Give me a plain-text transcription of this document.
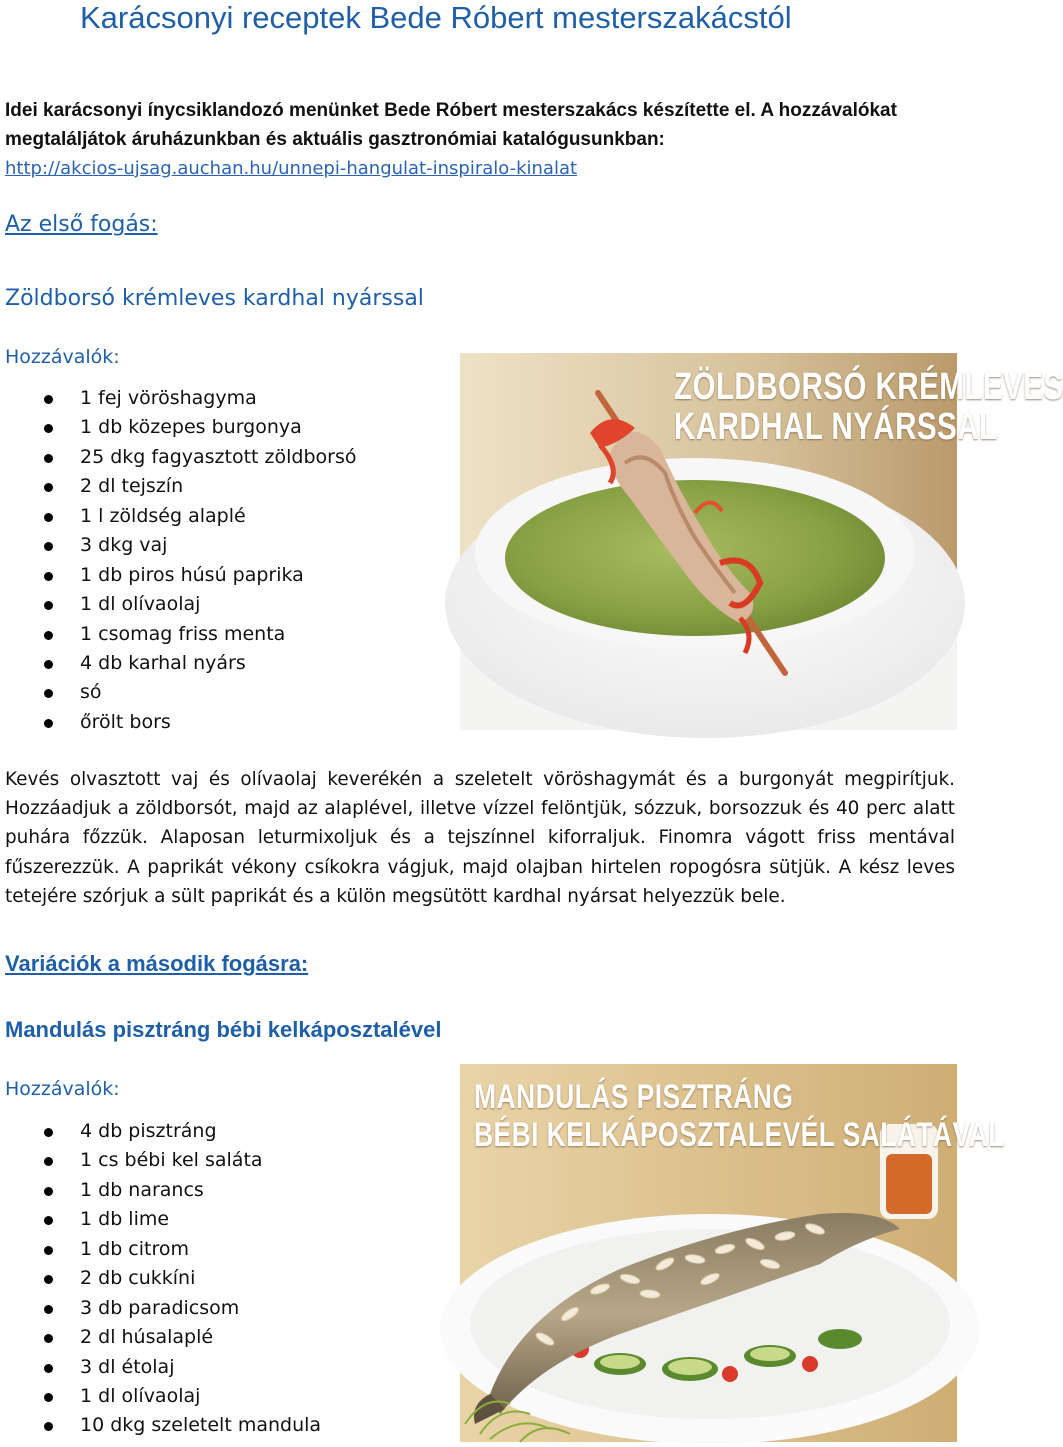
Karácsonyi receptek Bede Róbert mesterszakácstól
Idei karácsonyi ínycsiklandozó menünket Bede Róbert mesterszakács készítette el. A hozzávalókat megtaláljátok áruházunkban és aktuális gasztronómiai katalógusunkban:
http://akcios-ujsag.auchan.hu/unnepi-hangulat-inspiralo-kinalat
Az első fogás:
Zöldborsó krémleves kardhal nyárssal
Hozzávalók:
1 fej vöröshagyma
1 db közepes burgonya
25 dkg fagyasztott zöldborsó
2 dl tejszín
1 l zöldség alaplé
3 dkg vaj
1 db piros húsú paprika
1 dl olívaolaj
1 csomag friss menta
4 db karhal nyárs
só
őrölt bors
ZÖLDBORSÓ KRÉMLEVES
KARDHAL NYÁRSSAL
Kevés olvasztott vaj és olívaolaj keverékén a szeletelt vöröshagymát és a burgonyát megpirítjuk. Hozzáadjuk a zöldborsót, majd az alaplével, illetve vízzel felöntjük, sózzuk, borsozzuk és 40 perc alatt puhára főzzük. Alaposan leturmixoljuk és a tejszínnel kiforraljuk. Finomra vágott friss mentával fűszerezzük. A paprikát vékony csíkokra vágjuk, majd olajban hirtelen ropogósra sütjük. A kész leves tetejére szórjuk a sült paprikát és a külön megsütött kardhal nyársat helyezzük bele.
Variációk a második fogásra:
Mandulás pisztráng bébi kelkáposztalével
Hozzávalók:
4 db pisztráng
1 cs bébi kel saláta
1 db narancs
1 db lime
1 db citrom
2 db cukkíni
3 db paradicsom
2 dl húsalaplé
3 dl étolaj
1 dl olívaolaj
10 dkg szeletelt mandula
MANDULÁS PISZTRÁNG
BÉBI KELKÁPOSZTALEVÉL SALÁTÁVAL
